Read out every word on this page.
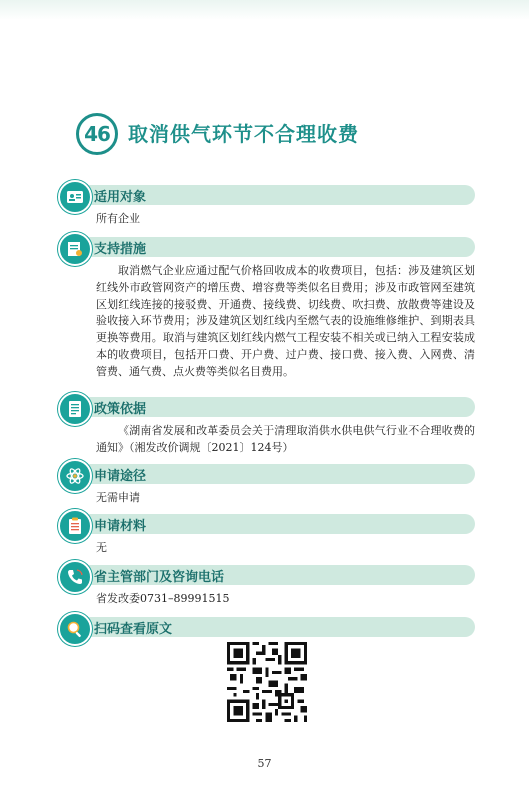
46 取消供气环节不合理收费
适用对象
所有企业
支持措施
取消燃气企业应通过配气价格回收成本的收费项目，包括：涉及建筑区划红线外市政管网资产的增压费、增容费等类似名目费用；涉及市政管网至建筑区划红线连接的接驳费、开通费、接线费、切线费、吹扫费、放散费等建设及验收接入环节费用；涉及建筑区划红线内至燃气表的设施维修维护、到期表具更换等费用。取消与建筑区划红线内燃气工程安装不相关或已纳入工程安装成本的收费项目，包括开口费、开户费、过户费、接口费、接入费、入网费、清管费、通气费、点火费等类似名目费用。
政策依据
《湖南省发展和改革委员会关于清理取消供水供电供气行业不合理收费的通知》（湘发改价调规〔2021〕124号）
申请途径
无需申请
申请材料
无
省主管部门及咨询电话
省发改委0731–89991515
扫码查看原文
57
